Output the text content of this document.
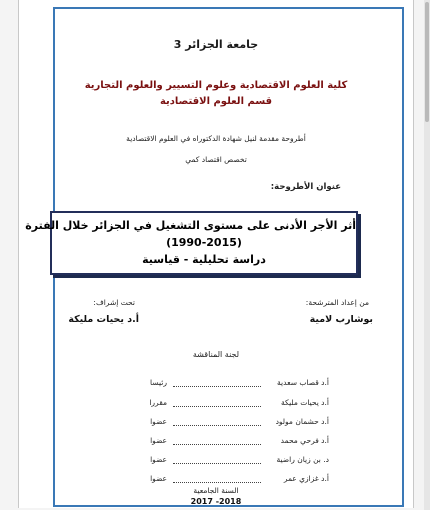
جامعة الجزائر 3
كلية العلوم الاقتصادية وعلوم التسيير والعلوم التجارية
قسم العلوم الاقتصادية
أطروحة مقدمة لنيل شهادة الدكتوراه في العلوم الاقتصادية
تخصص اقتصاد كمي
عنوان الأطروحة:
أثر الأجر الأدنى على مستوى التشغيل في الجزائر خلال الفترة
(1990-2015)
دراسة تحليلية - قياسية
من إعداد المترشحة:
تحت إشراف:
بوشارب لامية
أ.د يحيات مليكة
لجنة المناقشة
أ.د قصاب سعدية
رئيسا
أ.د يحيات مليكة
مقررا
أ.د حشمان مولود
عضوا
أ.د فرحي محمد
عضوا
د. بن زيان راضية
عضوا
أ.د غزازي عمر
عضوا
السنة الجامعية
2017 -2018
